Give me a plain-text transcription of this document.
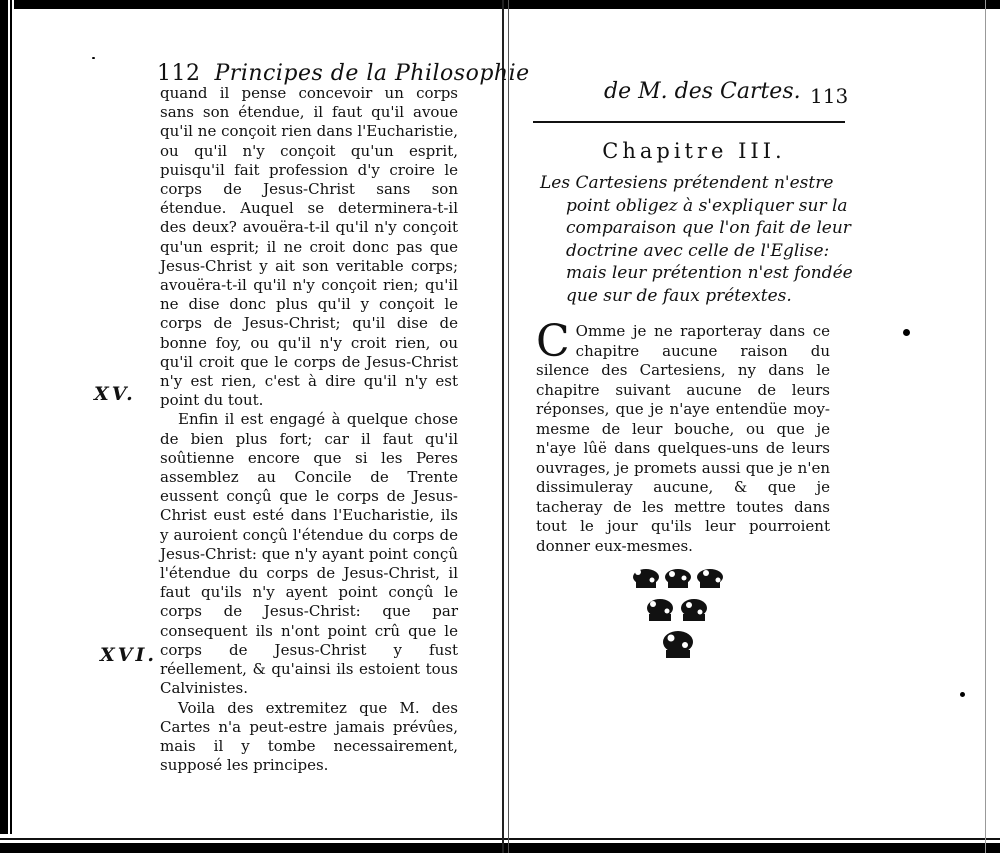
112 Principes de la Philosophie

quand il pense concevoir un corps sans son étendue, il faut qu'il avoue qu'il ne conçoit rien dans l'Eucharistie, ou qu'il n'y conçoit qu'un esprit, puisqu'il fait profession d'y croire le corps de Jesus-Christ sans son étendue. Auquel se determinera-t-il des deux? avouëra-t-il qu'il n'y conçoit qu'un esprit; il ne croit donc pas que Jesus-Christ y ait son veritable corps; avouëra-t-il qu'il n'y conçoit rien; qu'il ne dise donc plus qu'il y conçoit le corps de Jesus-Christ; qu'il dise de bonne foy, ou qu'il n'y croit rien, ou qu'il croit que le corps de Jesus-Christ n'y est rien, c'est à dire qu'il n'y est point du tout.

Enfin il est engagé à quelque chose de bien plus fort; car il faut qu'il soûtienne encore que si les Peres assemblez au Concile de Trente eussent conçû que le corps de Jesus-Christ eust esté dans l'Eucharistie, ils y auroient conçû l'étendue du corps de Jesus-Christ: que n'y ayant point conçû l'étendue du corps de Jesus-Christ, il faut qu'ils n'y ayent point conçû le corps de Jesus-Christ: que par consequent ils n'ont point crû que le corps de Jesus-Christ y fust réellement, & qu'ainsi ils estoient tous Calvinistes.

Voila des extremitez que M. des Cartes n'a peut-estre jamais prévûes, mais il y tombe necessairement, supposé les principes.

XV.
XVI.
de M. des Cartes. 113
Chapitre III.
Les Cartesiens prétendent n'estre point obligez à s'expliquer sur la comparaison que l'on fait de leur doctrine avec celle de l'Eglise: mais leur prétention n'est fondée que sur de faux prétextes.
C Omme je ne raporteray dans ce chapitre aucune raison du silence des Cartesiens, ny dans le chapitre suivant aucune de leurs réponses, que je n'aye entendüe moy-mesme de leur bouche, ou que je n'aye lûë dans quelques-uns de leurs ouvrages, je promets aussi que je n'en dissimuleray aucune, & que je tacheray de les mettre toutes dans tout le jour qu'ils leur pourroient donner eux-mesmes.
